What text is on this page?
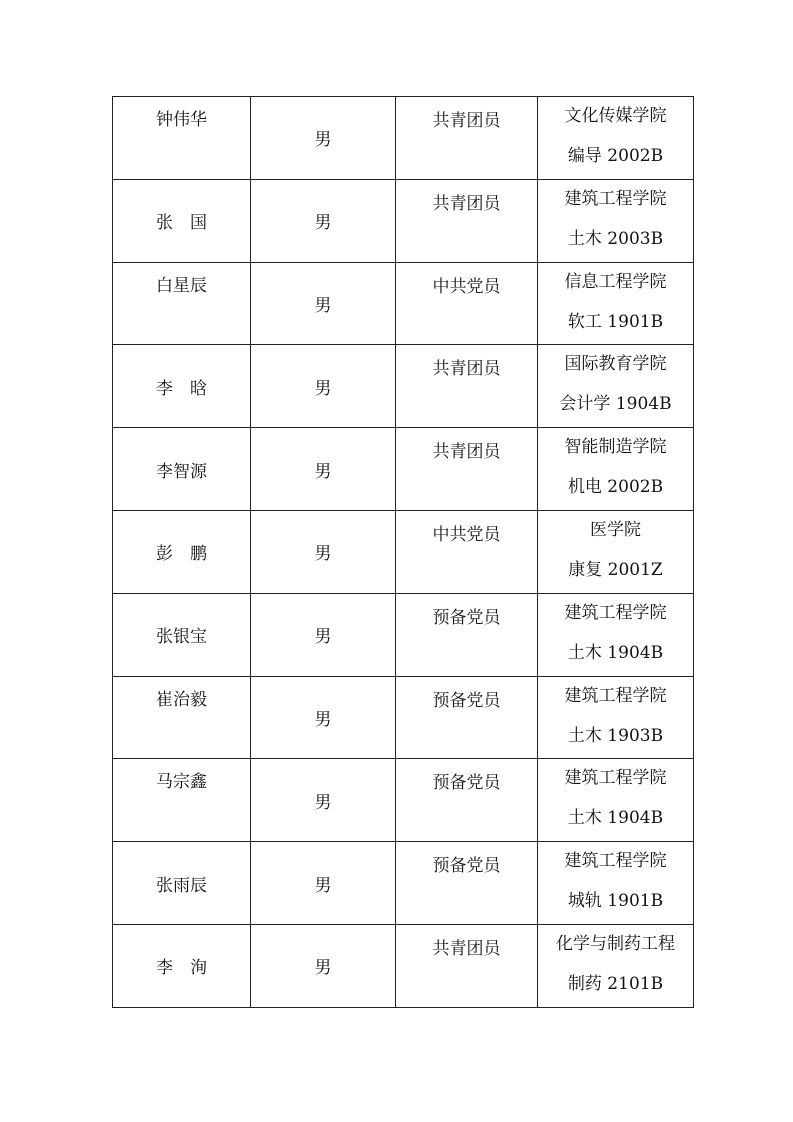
钟伟华	男	共青团员	文化传媒学院
编导 2002B

张　国	男	共青团员	建筑工程学院
土木 2003B

白星辰	男	中共党员	信息工程学院
软工 1901B

李　晗	男	共青团员	国际教育学院
会计学 1904B

李智源	男	共青团员	智能制造学院
机电 2002B

彭　鹏	男	中共党员	医学院
康复 2001Z

张银宝	男	预备党员	建筑工程学院
土木 1904B

崔治毅	男	预备党员	建筑工程学院
土木 1903B

马宗鑫	男	预备党员	建筑工程学院
土木 1904B

张雨辰	男	预备党员	建筑工程学院
城轨 1901B

李　洵	男	共青团员	化学与制药工程
制药 2101B
